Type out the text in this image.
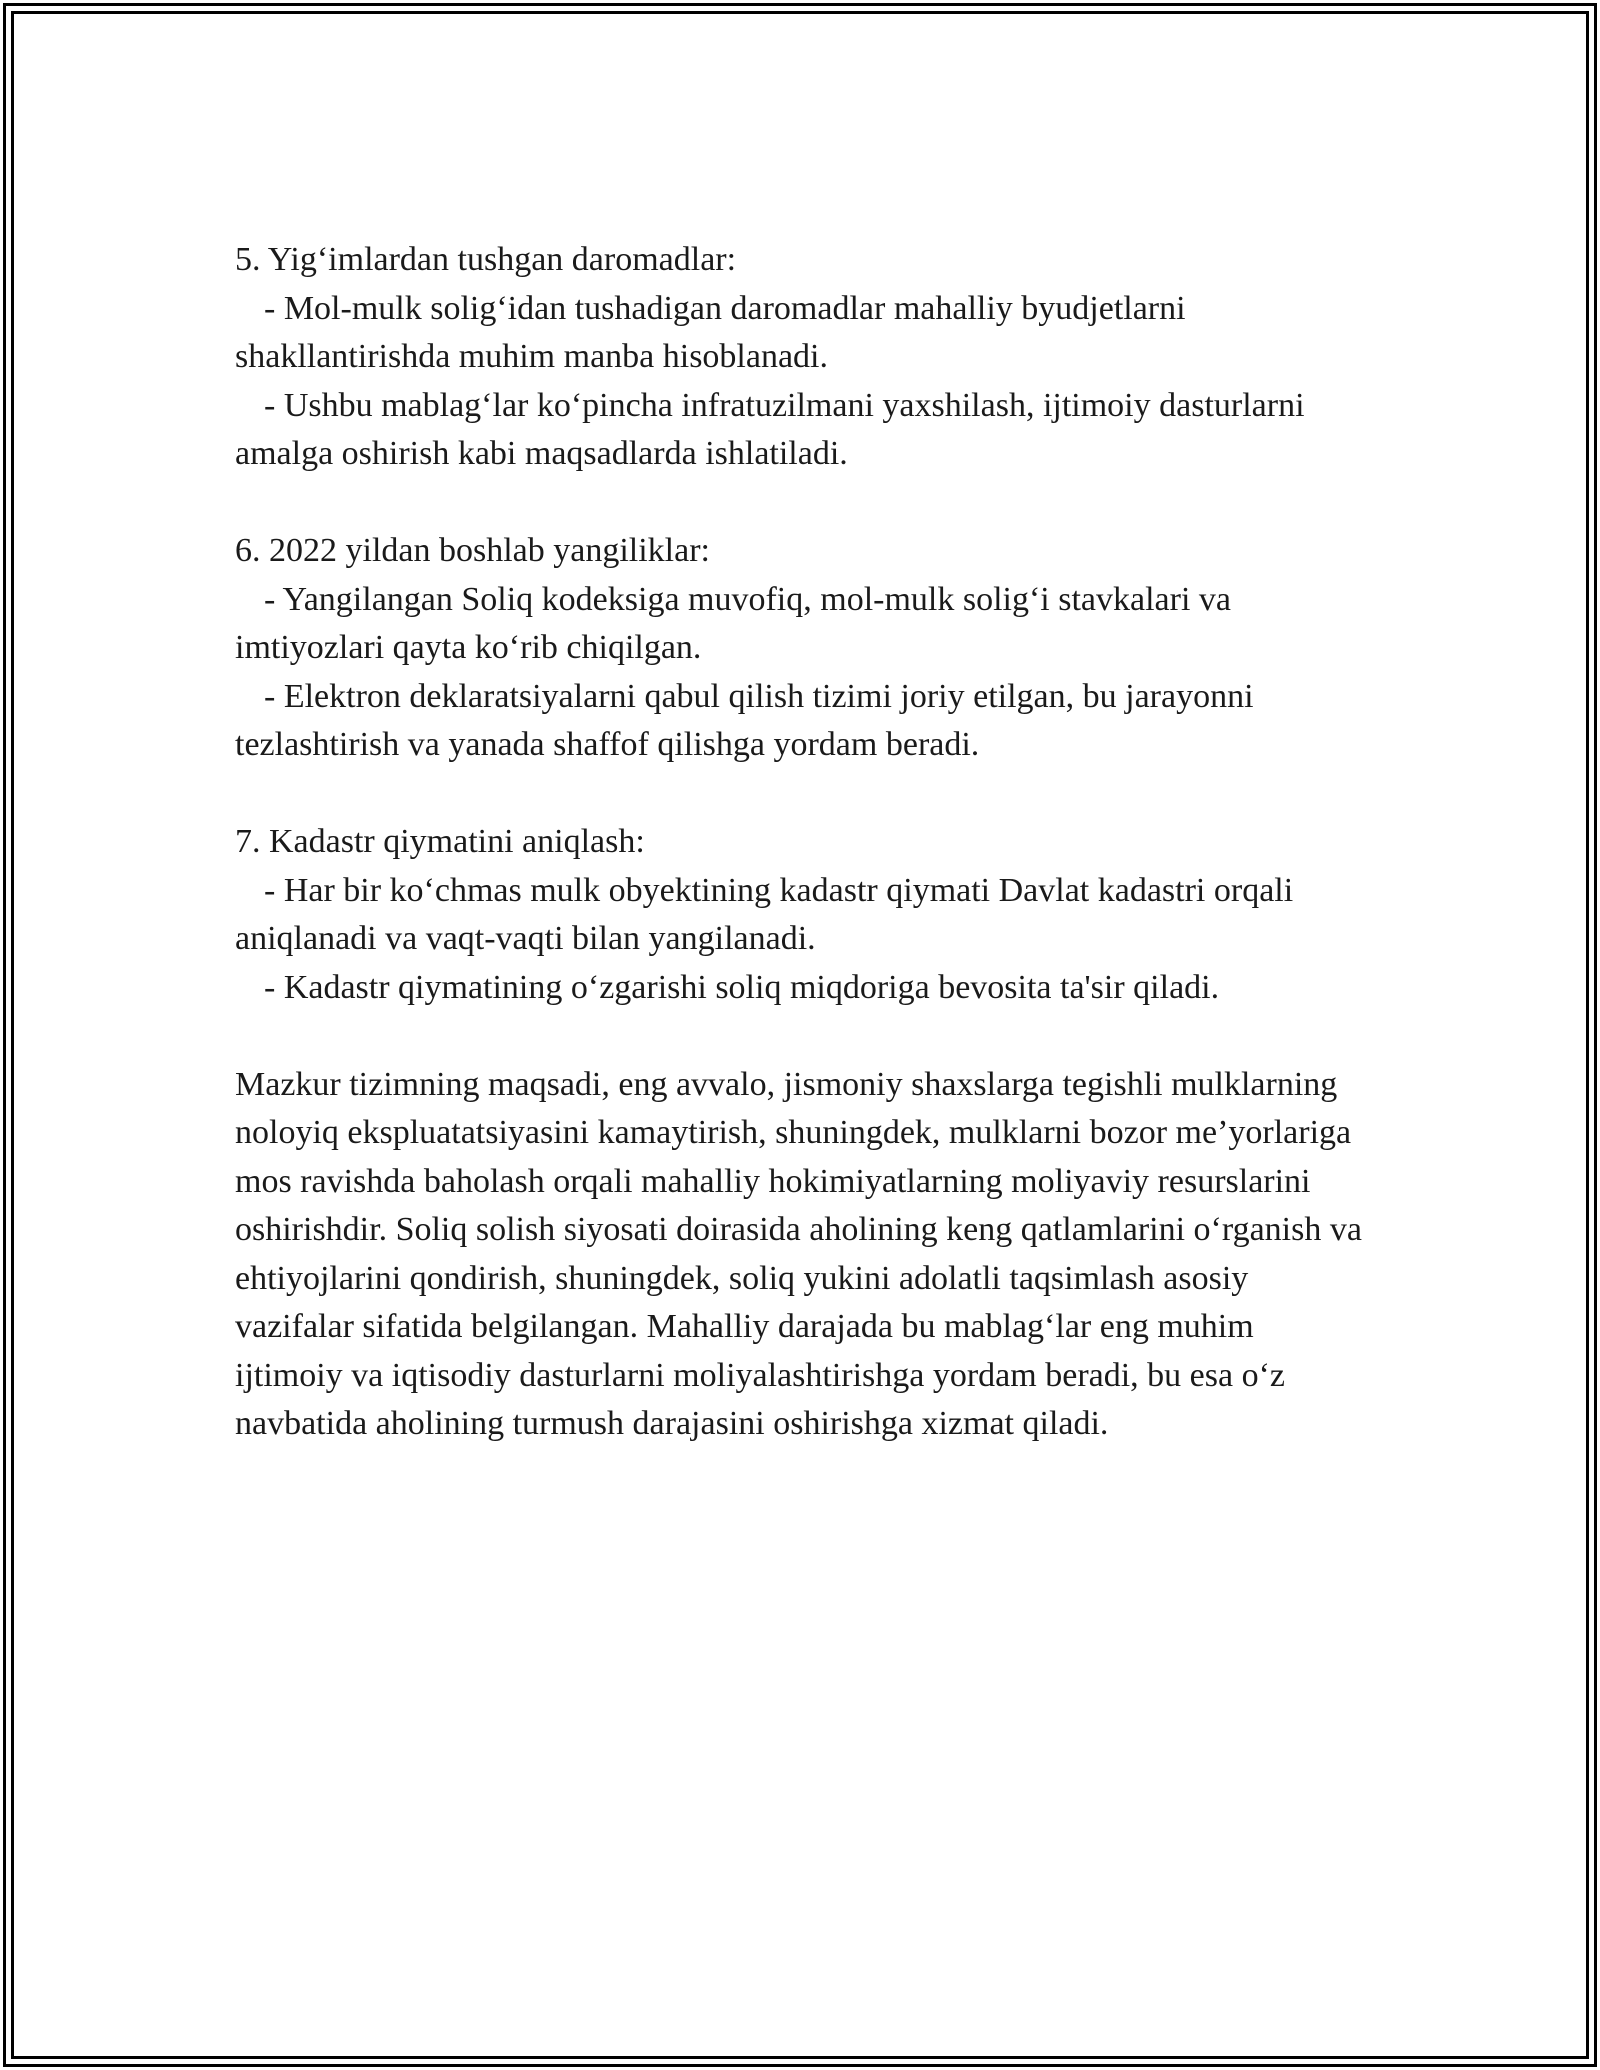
5. Yig‘imlardan tushgan daromadlar:

- Mol-mulk solig‘idan tushadigan daromadlar mahalliy byudjetlarni shakllantirishda muhim manba hisoblanadi.

- Ushbu mablag‘lar ko‘pincha infratuzilmani yaxshilash, ijtimoiy dasturlarni amalga oshirish kabi maqsadlarda ishlatiladi.

6. 2022 yildan boshlab yangiliklar:

- Yangilangan Soliq kodeksiga muvofiq, mol-mulk solig‘i stavkalari va imtiyozlari qayta ko‘rib chiqilgan.

- Elektron deklaratsiyalarni qabul qilish tizimi joriy etilgan, bu jarayonni tezlashtirish va yanada shaffof qilishga yordam beradi.

7. Kadastr qiymatini aniqlash:

- Har bir ko‘chmas mulk obyektining kadastr qiymati Davlat kadastri orqali aniqlanadi va vaqt-vaqti bilan yangilanadi.

- Kadastr qiymatining o‘zgarishi soliq miqdoriga bevosita ta'sir qiladi.

Mazkur tizimning maqsadi, eng avvalo, jismoniy shaxslarga tegishli mulklarning noloyiq ekspluatatsiyasini kamaytirish, shuningdek, mulklarni bozor me’yorlariga mos ravishda baholash orqali mahalliy hokimiyatlarning moliyaviy resurslarini oshirishdir. Soliq solish siyosati doirasida aholining keng qatlamlarini o‘rganish va ehtiyojlarini qondirish, shuningdek, soliq yukini adolatli taqsimlash asosiy vazifalar sifatida belgilangan. Mahalliy darajada bu mablag‘lar eng muhim ijtimoiy va iqtisodiy dasturlarni moliyalashtirishga yordam beradi, bu esa o‘z navbatida aholining turmush darajasini oshirishga xizmat qiladi.
